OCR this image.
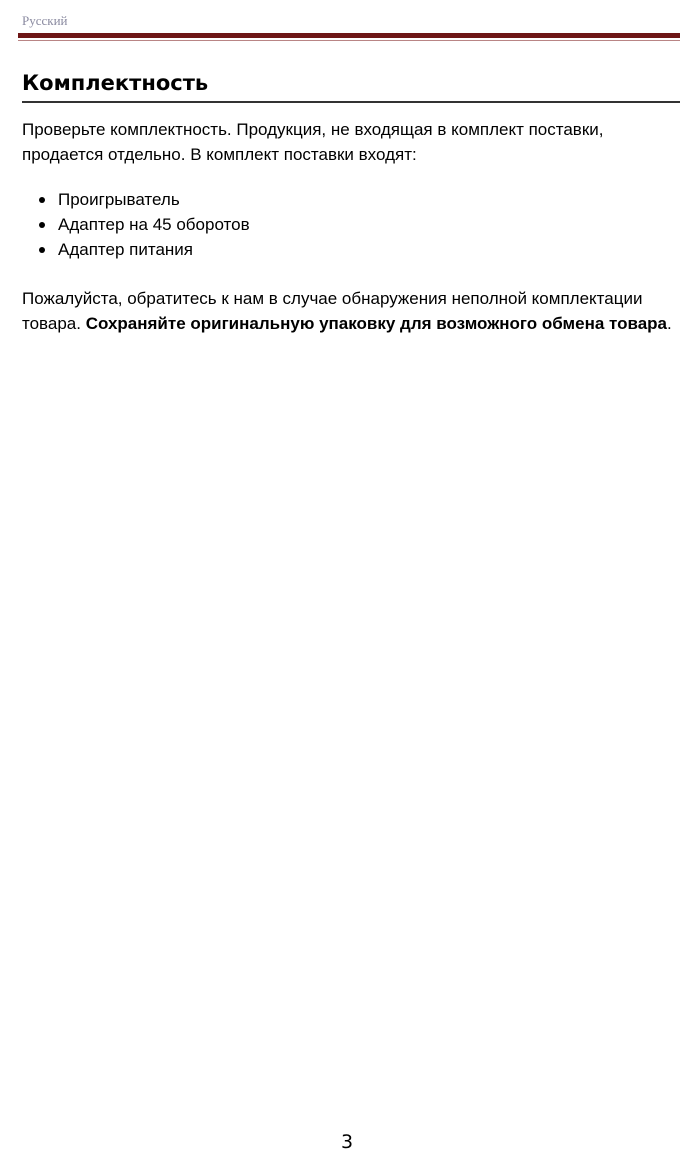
Русский
Комплектность

Проверьте комплектность. Продукция, не входящая в комплект поставки, продается отдельно. В комплект поставки входят:

Проигрыватель
Адаптер на 45 оборотов
Адаптер питания

Пожалуйста, обратитесь к нам в случае обнаружения неполной комплектации товара. Сохраняйте оригинальную упаковку для возможного обмена товара.

3
